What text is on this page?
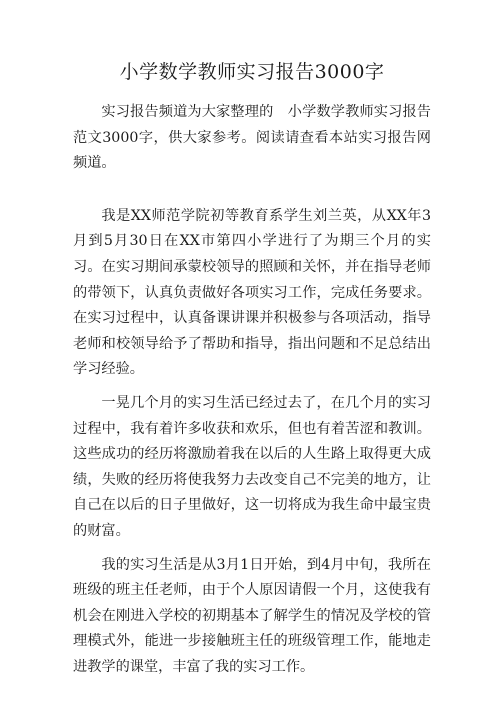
小学数学教师实习报告3000字

实习报告频道为大家整理的　小学数学教师实习报告范文3000字，供大家参考。阅读请查看本站实习报告网频道。

我是XX师范学院初等教育系学生刘兰英，从XX年3月到5月30日在XX市第四小学进行了为期三个月的实习。在实习期间承蒙校领导的照顾和关怀，并在指导老师的带领下，认真负责做好各项实习工作，完成任务要求。在实习过程中，认真备课讲课并积极参与各项活动，指导老师和校领导给予了帮助和指导，指出问题和不足总结出学习经验。

一晃几个月的实习生活已经过去了，在几个月的实习过程中，我有着许多收获和欢乐，但也有着苦涩和教训。这些成功的经历将激励着我在以后的人生路上取得更大成绩，失败的经历将使我努力去改变自己不完美的地方，让自己在以后的日子里做好，这一切将成为我生命中最宝贵的财富。

我的实习生活是从3月1日开始，到4月中旬，我所在班级的班主任老师，由于个人原因请假一个月，这使我有机会在刚进入学校的初期基本了解学生的情况及学校的管理模式外，能进一步接触班主任的班级管理工作，能地走进教学的课堂，丰富了我的实习工作。
